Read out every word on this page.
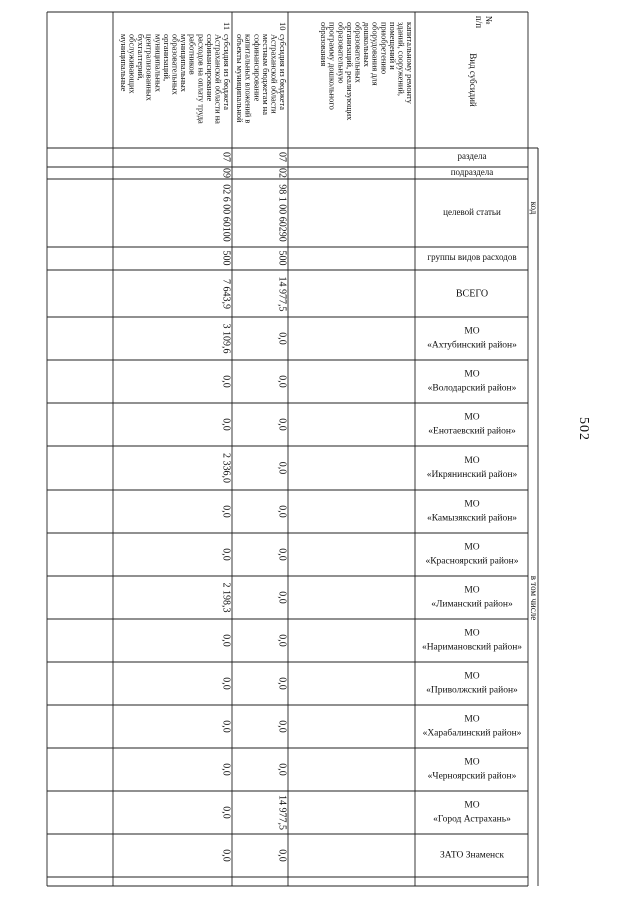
502
№
п/п
Вид субсидий
код
раздела
подраздела
целевой статьи
группы видов расходов
ВСЕГО
в том числе
МО
«Ахтубинский район»
МО
«Володарский район»
МО
«Енотаевский район»
МО
«Икрянинский район»
МО
«Камызякский район»
МО
«Красноярский район»
МО
«Лиманский район»
МО
«Наримановский район»
МО
«Приволжский район»
МО
«Харабалинский район»
МО
«Черноярский район»
МО
«Город Астрахань»
ЗАТО Знаменск
капитальному ремонту
зданий, сооружений,
помещений и
приобретению
оборудования для
дошкольных
образовательных
организаций, реализующих
образовательную
программу дошкольного
образования
10
субсидия из бюджета
Астраханской области
местным бюджетам на
софинансирование
капитальных вложений в
объекты муниципальной
07
02
98 1 00 60290
500
14 977,5
0,0
0,0
0,0
0,0
0,0
0,0
0,0
0,0
0,0
0,0
0,0
14 977,5
0,0
11
субсидия из бюджета
Астраханской области на
софинансирование
расходов на оплату труда
работников
муниципальных
образовательных
организаций,
муниципальных
централизованных
бухгалтерий,
обслуживающих
муниципальные
07
09
02 6 00 60100
500
7 643,9
3 109,6
0,0
0,0
2 336,0
0,0
0,0
2 198,3
0,0
0,0
0,0
0,0
0,0
0,0
